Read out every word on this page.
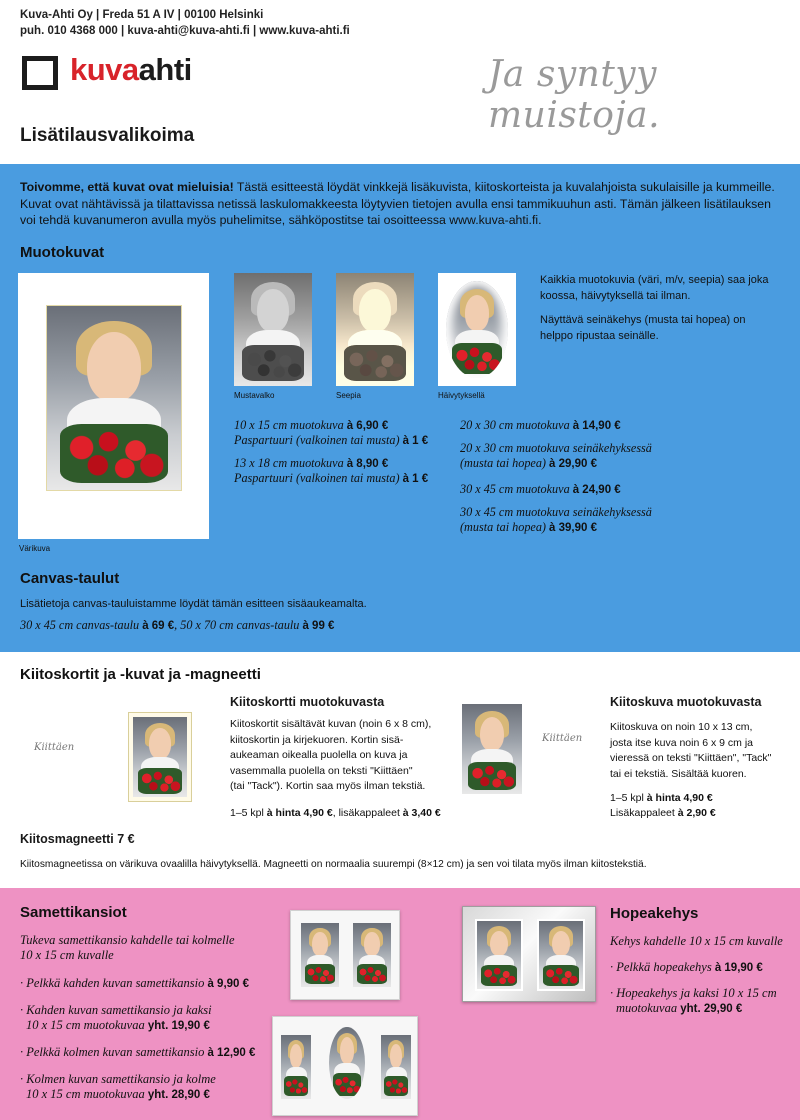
Kuva-Ahti Oy | Freda 51 A IV | 00100 Helsinki
puh. 010 4368 000 | kuva-ahti@kuva-ahti.fi | www.kuva-ahti.fi
kuvaahti	Ja syntyy muistoja.
Lisätilausvalikoima
Toivomme, että kuvat ovat mieluisia! Tästä esitteestä löydät vinkkejä lisäkuvista, kiitoskorteista ja kuvalahjoista sukulaisille ja kummeille. Kuvat ovat nähtävissä ja tilattavissa netissä laskulomakkeesta löytyvien tietojen avulla ensi tammikuuhun asti. Tämän jälkeen lisätilauksen voi tehdä kuvanumeron avulla myös puhelimitse, sähköpostitse tai osoitteessa www.kuva-ahti.fi.
Muotokuvat
Värikuva
Mustavalko	Seepia	Häivytyksellä
Kaikkia muotokuvia (väri, m/v, seepia) saa joka koossa, häivytyksellä tai ilman.
Näyttävä seinäkehys (musta tai hopea) on helppo ripustaa seinälle.
10 x 15 cm muotokuva à 6,90 €
Paspartuuri (valkoinen tai musta) à 1 €
13 x 18 cm muotokuva à 8,90 €
Paspartuuri (valkoinen tai musta) à 1 €
20 x 30 cm muotokuva à 14,90 €
20 x 30 cm muotokuva seinäkehyksessä
(musta tai hopea) à 29,90 €
30 x 45 cm muotokuva à 24,90 €
30 x 45 cm muotokuva seinäkehyksessä
(musta tai hopea) à 39,90 €
Canvas-taulut
Lisätietoja canvas-tauluistamme löydät tämän esitteen sisäaukeamalta.
30 x 45 cm canvas-taulu à 69 €, 50 x 70 cm canvas-taulu à 99 €
Kiitoskortit ja -kuvat ja -magneetti
Kiittäen
Kiitoskortti muotokuvasta
Kiitoskortit sisältävät kuvan (noin 6 x 8 cm),
kiitoskortin ja kirjekuoren. Kortin sisä-
aukeaman oikealla puolella on kuva ja
vasemmalla puolella on teksti "Kiittäen"
(tai "Tack"). Kortin saa myös ilman tekstiä.
1–5 kpl à hinta 4,90 €, lisäkappaleet à 3,40 €
Kiittäen
Kiitoskuva muotokuvasta
Kiitoskuva on noin 10 x 13 cm,
josta itse kuva noin 6 x 9 cm ja
vieressä on teksti "Kiittäen", "Tack"
tai ei tekstiä. Sisältää kuoren.
1–5 kpl à hinta 4,90 €
Lisäkappaleet à 2,90 €
Kiitosmagneetti 7 €
Kiitosmagneetissa on värikuva ovaalilla häivytyksellä. Magneetti on normaalia suurempi (8×12 cm) ja sen voi tilata myös ilman kiitostekstiä.
Samettikansiot
Tukeva samettikansio kahdelle tai kolmelle
10 x 15 cm kuvalle
· Pelkkä kahden kuvan samettikansio à 9,90 €
· Kahden kuvan samettikansio ja kaksi
10 x 15 cm muotokuvaa yht. 19,90 €
· Pelkkä kolmen kuvan samettikansio à 12,90 €
· Kolmen kuvan samettikansio ja kolme
10 x 15 cm muotokuvaa yht. 28,90 €
Hopeakehys
Kehys kahdelle 10 x 15 cm kuvalle
· Pelkkä hopeakehys à 19,90 €
· Hopeakehys ja kaksi 10 x 15 cm
muotokuvaa yht. 29,90 €
